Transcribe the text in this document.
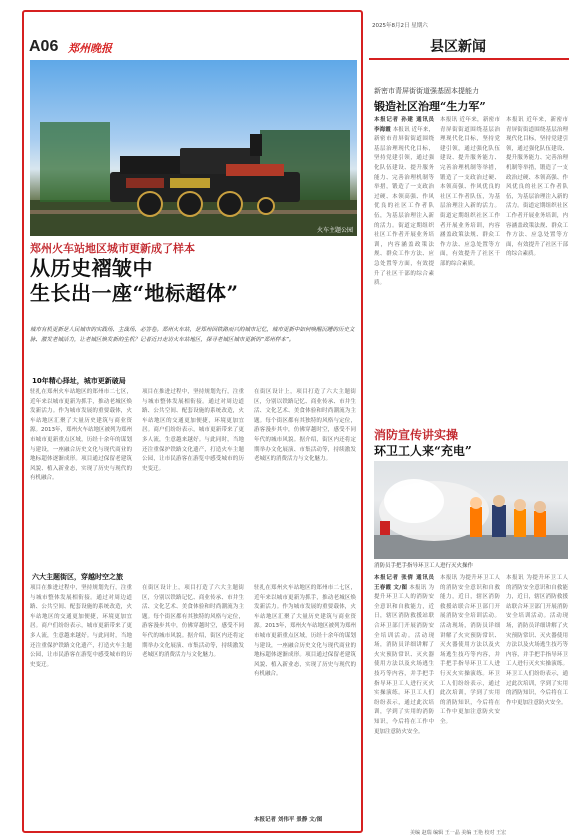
A06 郑州晚报
火车主题公园
郑州火车站地区城市更新成了样本
从历史褶皱中
生长出一座“地标超体”
城市有机更新是人民城市的实践场、主战场、必答卷。郑州火车站，是郑州因铁路而兴的城市记忆，城市更新中如何唤醒沉睡的历史文脉、激发老城活力，让老城区焕发新的生机？记者近日走访火车站地区，探寻老城区城市更新的“郑州样本”。
10年精心择址，城市更新破局
驻扎在郑州火车站地区的郑州市二七区，近年来以城市更新为抓手，推动老城区焕发新活力。作为城市发展的重要载体，火车站地区汇聚了大量历史建筑与商业资源。2013年，郑州火车站地区被列为郑州市城市更新重点区域，历经十余年的谋划与建设，一座融合历史文化与现代商业的地标超体逐渐成形。项目通过保留老建筑风貌、植入新业态，实现了历史与现代的有机融合。
项目在推进过程中，坚持规划先行，注重与城市整体发展相衔接。通过对周边道路、公共空间、配套设施的系统改造，火车站地区的交通更加便捷，环境更加宜居。商户们纷纷表示，城市更新带来了更多人流，生意越来越好。与此同时，当地还注重保护铁路文化遗产，打造火车主题公园，让市民游客在游览中感受城市的历史变迁。
在街区设计上，项目打造了六大主题街区，分别以铁路记忆、商业传承、市井生活、文化艺术、美食体验和时尚潮流为主题。每个街区都有其独特的风格与定位，游客漫步其中，仿佛穿越时空，感受不同年代的城市风貌。据介绍，街区内还将定期举办文化展演、市集活动等，持续激发老城区的消费活力与文化魅力。
六大主题街区，穿越时空之旅
项目在推进过程中，坚持规划先行，注重与城市整体发展相衔接。通过对周边道路、公共空间、配套设施的系统改造，火车站地区的交通更加便捷，环境更加宜居。商户们纷纷表示，城市更新带来了更多人流，生意越来越好。与此同时，当地还注重保护铁路文化遗产，打造火车主题公园，让市民游客在游览中感受城市的历史变迁。
在街区设计上，项目打造了六大主题街区，分别以铁路记忆、商业传承、市井生活、文化艺术、美食体验和时尚潮流为主题。每个街区都有其独特的风格与定位，游客漫步其中，仿佛穿越时空，感受不同年代的城市风貌。据介绍，街区内还将定期举办文化展演、市集活动等，持续激发老城区的消费活力与文化魅力。
驻扎在郑州火车站地区的郑州市二七区，近年来以城市更新为抓手，推动老城区焕发新活力。作为城市发展的重要载体，火车站地区汇聚了大量历史建筑与商业资源。2013年，郑州火车站地区被列为郑州市城市更新重点区域，历经十余年的谋划与建设，一座融合历史文化与现代商业的地标超体逐渐成形。项目通过保留老建筑风貌、植入新业态，实现了历史与现代的有机融合。
本报记者 刘伟平 景静 文/图
2025年8月2日 星期六
县区新闻
新密市青屏街街道强基固本提能力
锻造社区治理“生力军”
本报记者 孙建 通讯员 李海霞 本报讯 近年来，新密市青屏街街道围绕基层治理现代化目标，坚持党建引领，通过强化队伍建设、提升服务能力、完善治理机制等举措，锻造了一支政治过硬、本领高强、作风优良的社区工作者队伍，为基层治理注入新的活力。街道定期组织社区工作者开展业务培训，内容涵盖政策法规、群众工作方法、应急处置等方面，有效提升了社区干部的综合素质。
本报讯 近年来，新密市青屏街街道围绕基层治理现代化目标，坚持党建引领，通过强化队伍建设、提升服务能力、完善治理机制等举措，锻造了一支政治过硬、本领高强、作风优良的社区工作者队伍，为基层治理注入新的活力。街道定期组织社区工作者开展业务培训，内容涵盖政策法规、群众工作方法、应急处置等方面，有效提升了社区干部的综合素质。
本报讯 近年来，新密市青屏街街道围绕基层治理现代化目标，坚持党建引领，通过强化队伍建设、提升服务能力、完善治理机制等举措，锻造了一支政治过硬、本领高强、作风优良的社区工作者队伍，为基层治理注入新的活力。街道定期组织社区工作者开展业务培训，内容涵盖政策法规、群众工作方法、应急处置等方面，有效提升了社区干部的综合素质。
消防宣传讲实操
环卫工人来“充电”
消防员手把手指导环卫工人进行灭火操作
本报记者 张倩 通讯员 王春霞 文/图 本报讯 为提升环卫工人的消防安全意识和自救能力，近日，辖区消防救援站联合环卫部门开展消防安全培训活动。活动现场，消防员详细讲解了火灾预防常识、灭火器使用方法以及火场逃生技巧等内容，并手把手指导环卫工人进行灭火实操演练。环卫工人们纷纷表示，通过此次培训，学到了实用的消防知识，今后将在工作中更加注意防火安全。
本报讯 为提升环卫工人的消防安全意识和自救能力，近日，辖区消防救援站联合环卫部门开展消防安全培训活动。活动现场，消防员详细讲解了火灾预防常识、灭火器使用方法以及火场逃生技巧等内容，并手把手指导环卫工人进行灭火实操演练。环卫工人们纷纷表示，通过此次培训，学到了实用的消防知识，今后将在工作中更加注意防火安全。
本报讯 为提升环卫工人的消防安全意识和自救能力，近日，辖区消防救援站联合环卫部门开展消防安全培训活动。活动现场，消防员详细讲解了火灾预防常识、灭火器使用方法以及火场逃生技巧等内容，并手把手指导环卫工人进行灭火实操演练。环卫工人们纷纷表示，通过此次培训，学到了实用的消防知识，今后将在工作中更加注意防火安全。
美编 赵瑞 编辑 王一晶 美编 王艳 校对 王宏
